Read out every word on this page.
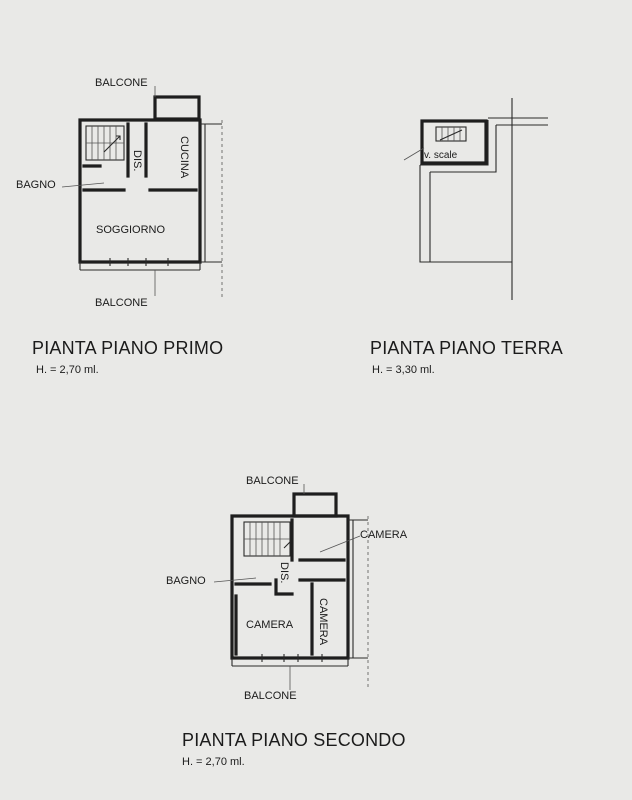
BALCONE
BAGNO
DIS.	CUCINA
SOGGIORNO
BALCONE
v. scale
BALCONE
CAMERA
BAGNO	DIS.
CAMERA CAMERA
BALCONE
PIANTA PIANO PRIMO
H. = 2,70 ml.
PIANTA PIANO TERRA
H. = 3,30 ml.
PIANTA PIANO SECONDO
H. = 2,70 ml.
